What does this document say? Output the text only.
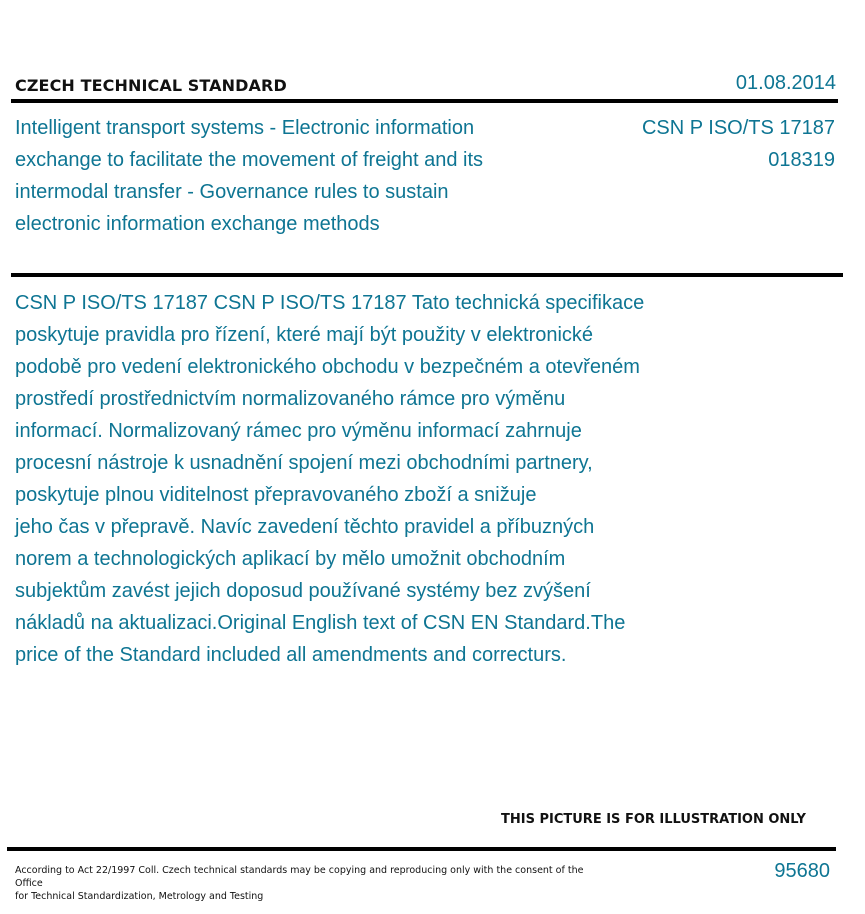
CZECH TECHNICAL STANDARD	01.08.2014
Intelligent transport systems - Electronic information exchange to facilitate the movement of freight and its intermodal transfer - Governance rules to sustain electronic information exchange methods
CSN P ISO/TS 17187
018319
CSN P ISO/TS 17187 CSN P ISO/TS 17187 Tato technická specifikace
poskytuje pravidla pro řízení, které mají být použity v elektronické
podobě pro vedení elektronického obchodu v bezpečném a otevřeném
prostředí prostřednictvím normalizovaného rámce pro výměnu
informací. Normalizovaný rámec pro výměnu informací zahrnuje
procesní nástroje k usnadnění spojení mezi obchodními partnery,
poskytuje plnou viditelnost přepravovaného zboží a snižuje
jeho čas v přepravě. Navíc zavedení těchto pravidel a příbuzných
norem a technologických aplikací by mělo umožnit obchodním
subjektům zavést jejich doposud používané systémy bez zvýšení
nákladů na aktualizaci.Original English text of CSN EN Standard.The
price of the Standard included all amendments and correcturs.
THIS PICTURE IS FOR ILLUSTRATION ONLY
According to Act 22/1997 Coll. Czech technical standards may be copying and reproducing only with the consent of the Office
for Technical Standardization, Metrology and Testing
95680
